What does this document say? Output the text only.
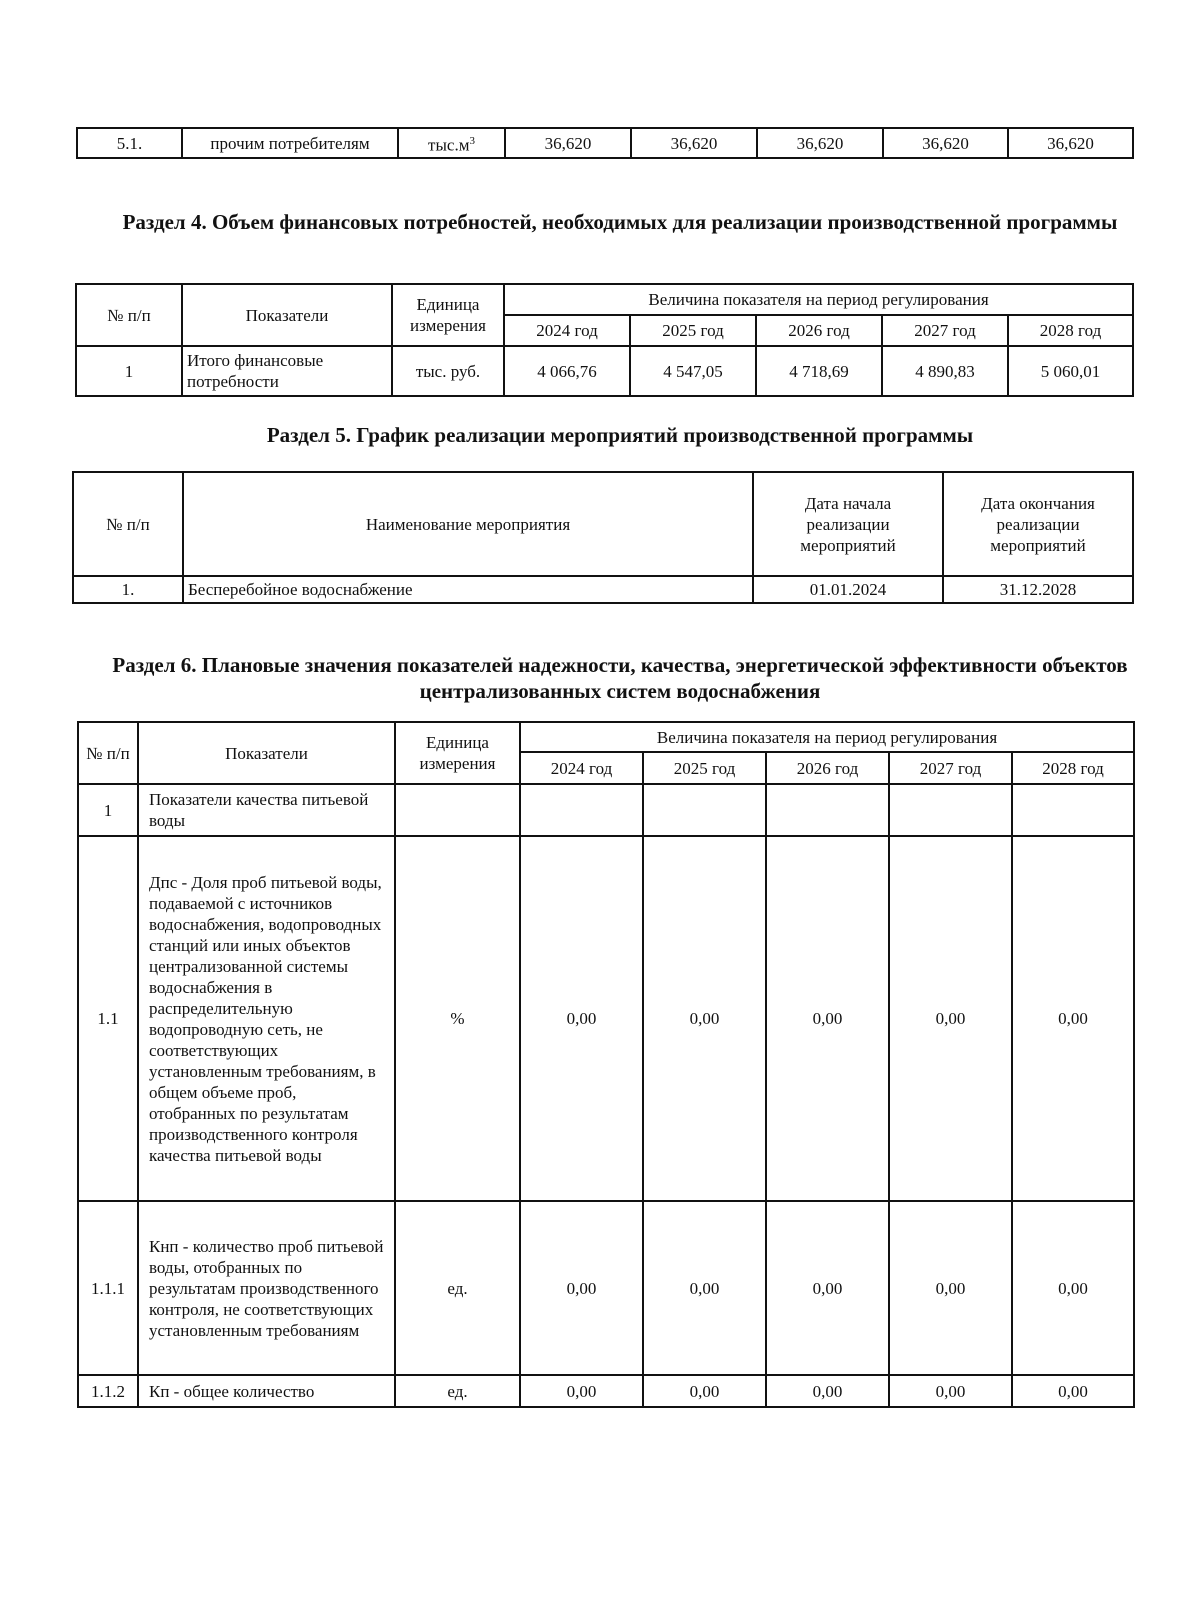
5.1.	прочим потребителям	$тыс.м^3$	36,620	36,620	36,620	36,620	36,620
Раздел 4. Объем финансовых потребностей, необходимых для реализации производственной программы
№ п/п	Показатели	Единица измерения	Величина показателя на период регулирования				
			2024 год	2025 год	2026 год	2027 год	2028 год
1	Итого финансовые потребности	тыс. руб.	4 066,76	4 547,05	4 718,69	4 890,83	5 060,01
Раздел 5. График реализации мероприятий производственной программы
№ п/п	Наименование мероприятия	Дата начала реализации мероприятий	Дата окончания реализации мероприятий
1.	Бесперебойное водоснабжение	01.01.2024	31.12.2028
Раздел 6. Плановые значения показателей надежности, качества, энергетической эффективности объектов централизованных систем водоснабжения
№ п/п	Показатели	Единица измерения	Величина показателя на период регулирования				
			2024 год	2025 год	2026 год	2027 год	2028 год
1	Показатели качества питьевой воды						
1.1	Дпс - Доля проб питьевой воды, подаваемой с источников водоснабжения, водопроводных станций или иных объектов централизованной системы водоснабжения в распределительную водопроводную сеть, не соответствующих установленным требованиям, в общем объеме проб, отобранных по результатам производственного контроля качества питьевой воды	%	0,00	0,00	0,00	0,00	0,00
1.1.1	Кнп - количество проб питьевой воды, отобранных по результатам производственного контроля, не соответствующих установленным требованиям	ед.	0,00	0,00	0,00	0,00	0,00
1.1.2	Кп - общее количество	ед.	0,00	0,00	0,00	0,00	0,00
